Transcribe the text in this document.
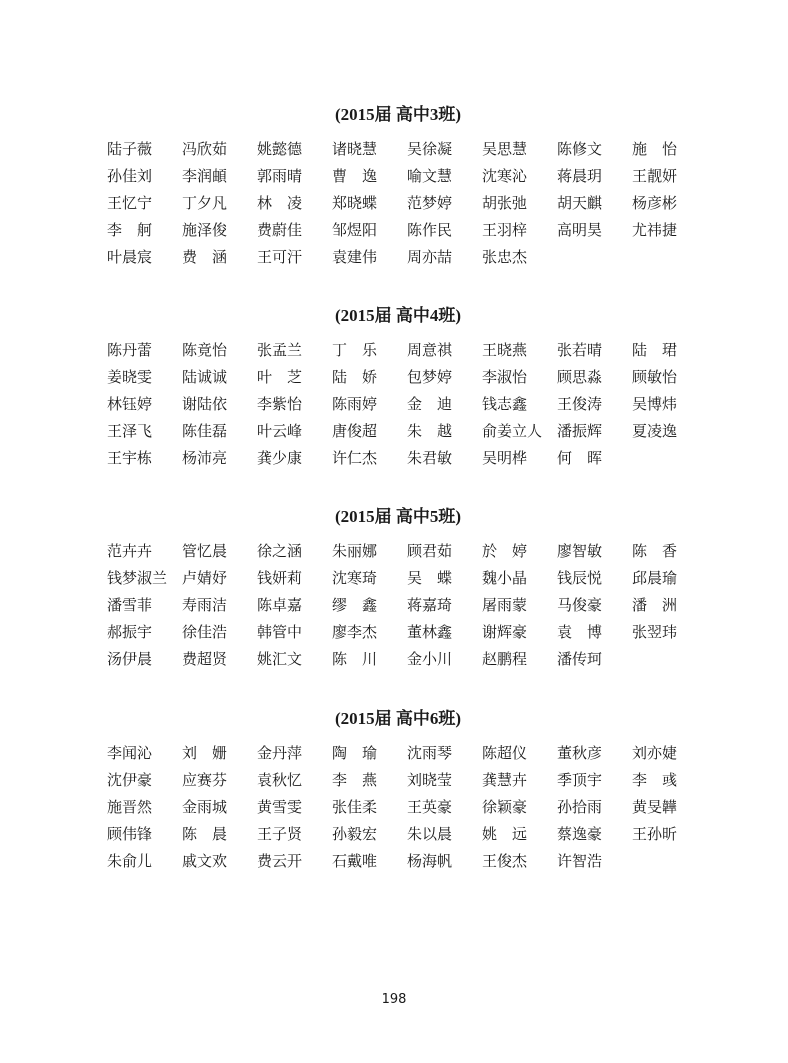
(2015届 高中3班)
陆子薇	冯欣茹	姚懿德	诸晓慧	吴徐凝	吴思慧	陈修文	施　怡
孙佳刘	李润頔	郭雨晴	曹　逸	喻文慧	沈寒沁	蒋晨玥	王靓妍
王忆宁	丁夕凡	林　凌	郑晓蝶	范梦婷	胡张弛	胡天麒	杨彦彬
李　舸	施泽俊	费蔚佳	邹煜阳	陈作民	王羽梓	高明昊	尤祎捷
叶晨宸	费　涵	王可汗	袁建伟	周亦喆	张忠杰
(2015届 高中4班)
陈丹蕾	陈竟怡	张孟兰	丁　乐	周意祺	王晓燕	张若晴	陆　珺
姜晓雯	陆诚诚	叶　芝	陆　娇	包梦婷	李淑怡	顾思淼	顾敏怡
林钰婷	谢陆依	李紫怡	陈雨婷	金　迪	钱志鑫	王俊涛	吴博炜
王泽飞	陈佳磊	叶云峰	唐俊超	朱　越	俞姜立人 潘振辉	夏凌逸
王宇栋	杨沛亮	龚少康	许仁杰	朱君敏	吴明桦	何　晖
(2015届 高中5班)
范卉卉	管忆晨	徐之涵	朱丽娜	顾君茹	於　婷	廖智敏	陈　香
钱梦淑兰 卢婧妤	钱妍莉	沈寒琦	吴　蝶	魏小晶	钱辰悦	邱晨瑜
潘雪菲	寿雨洁	陈卓嘉	缪　鑫	蒋嘉琦	屠雨蒙	马俊豪	潘　洲
郝振宇	徐佳浩	韩管中	廖李杰	董林鑫	谢辉豪	袁　博	张翌玮
汤伊晨	费超贤	姚汇文	陈　川	金小川	赵鹏程	潘传珂
(2015届 高中6班)
李闻沁	刘　姗	金丹萍	陶　瑜	沈雨琴	陈超仪	董秋彦	刘亦婕
沈伊豪	应赛芬	袁秋忆	李　燕	刘晓莹	龚慧卉	季顶宇	李　彧
施晋然	金雨城	黄雪雯	张佳柔	王英豪	徐颖豪	孙拾雨	黄旻韡
顾伟锋	陈　晨	王子贤	孙毅宏	朱以晨	姚　远	蔡逸豪	王孙昕
朱俞儿	戚文欢	费云开	石戴唯	杨海帆	王俊杰	许智浩
198
